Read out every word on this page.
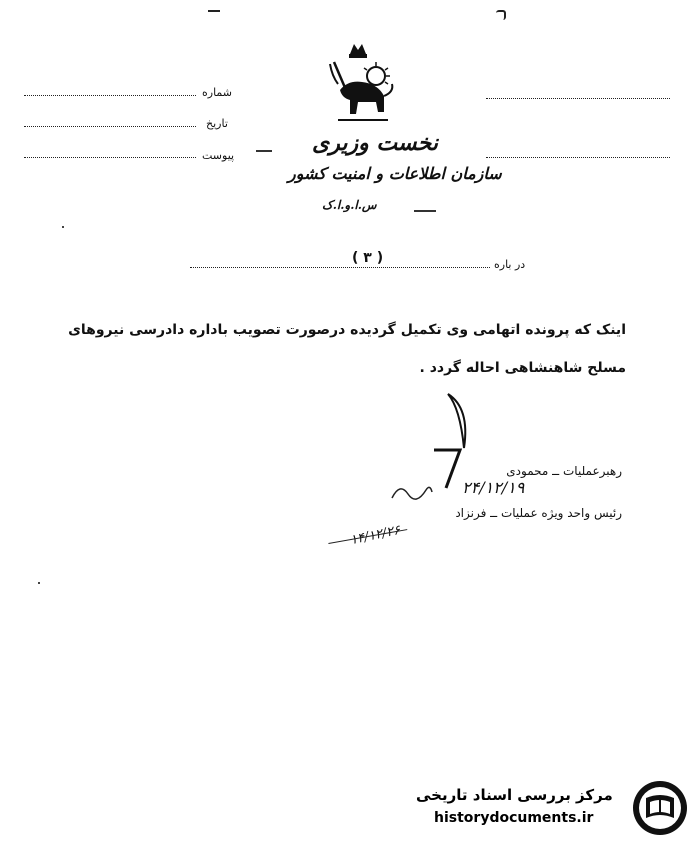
شماره
تاریخ
پیوست	نخست وزیری
سازمان اطلاعات و امنیت کشور
س.ا.و.ا.ک
در باره
( ۳ )
اینک که پرونده اتهامی وی تکمیل گردیده درصورت تصویب باداره دادرسی نیروهای
مسلح شاهنشاهی احاله گردد .
رهبرعملیات ــ محمودی
رئیس واحد ویژه عملیات ــ فرنزاد
۲۴/۱۲/۱۹
۱۴/۱۲/۲۶
مرکز بررسی اسناد تاریخی
historydocuments.ir
